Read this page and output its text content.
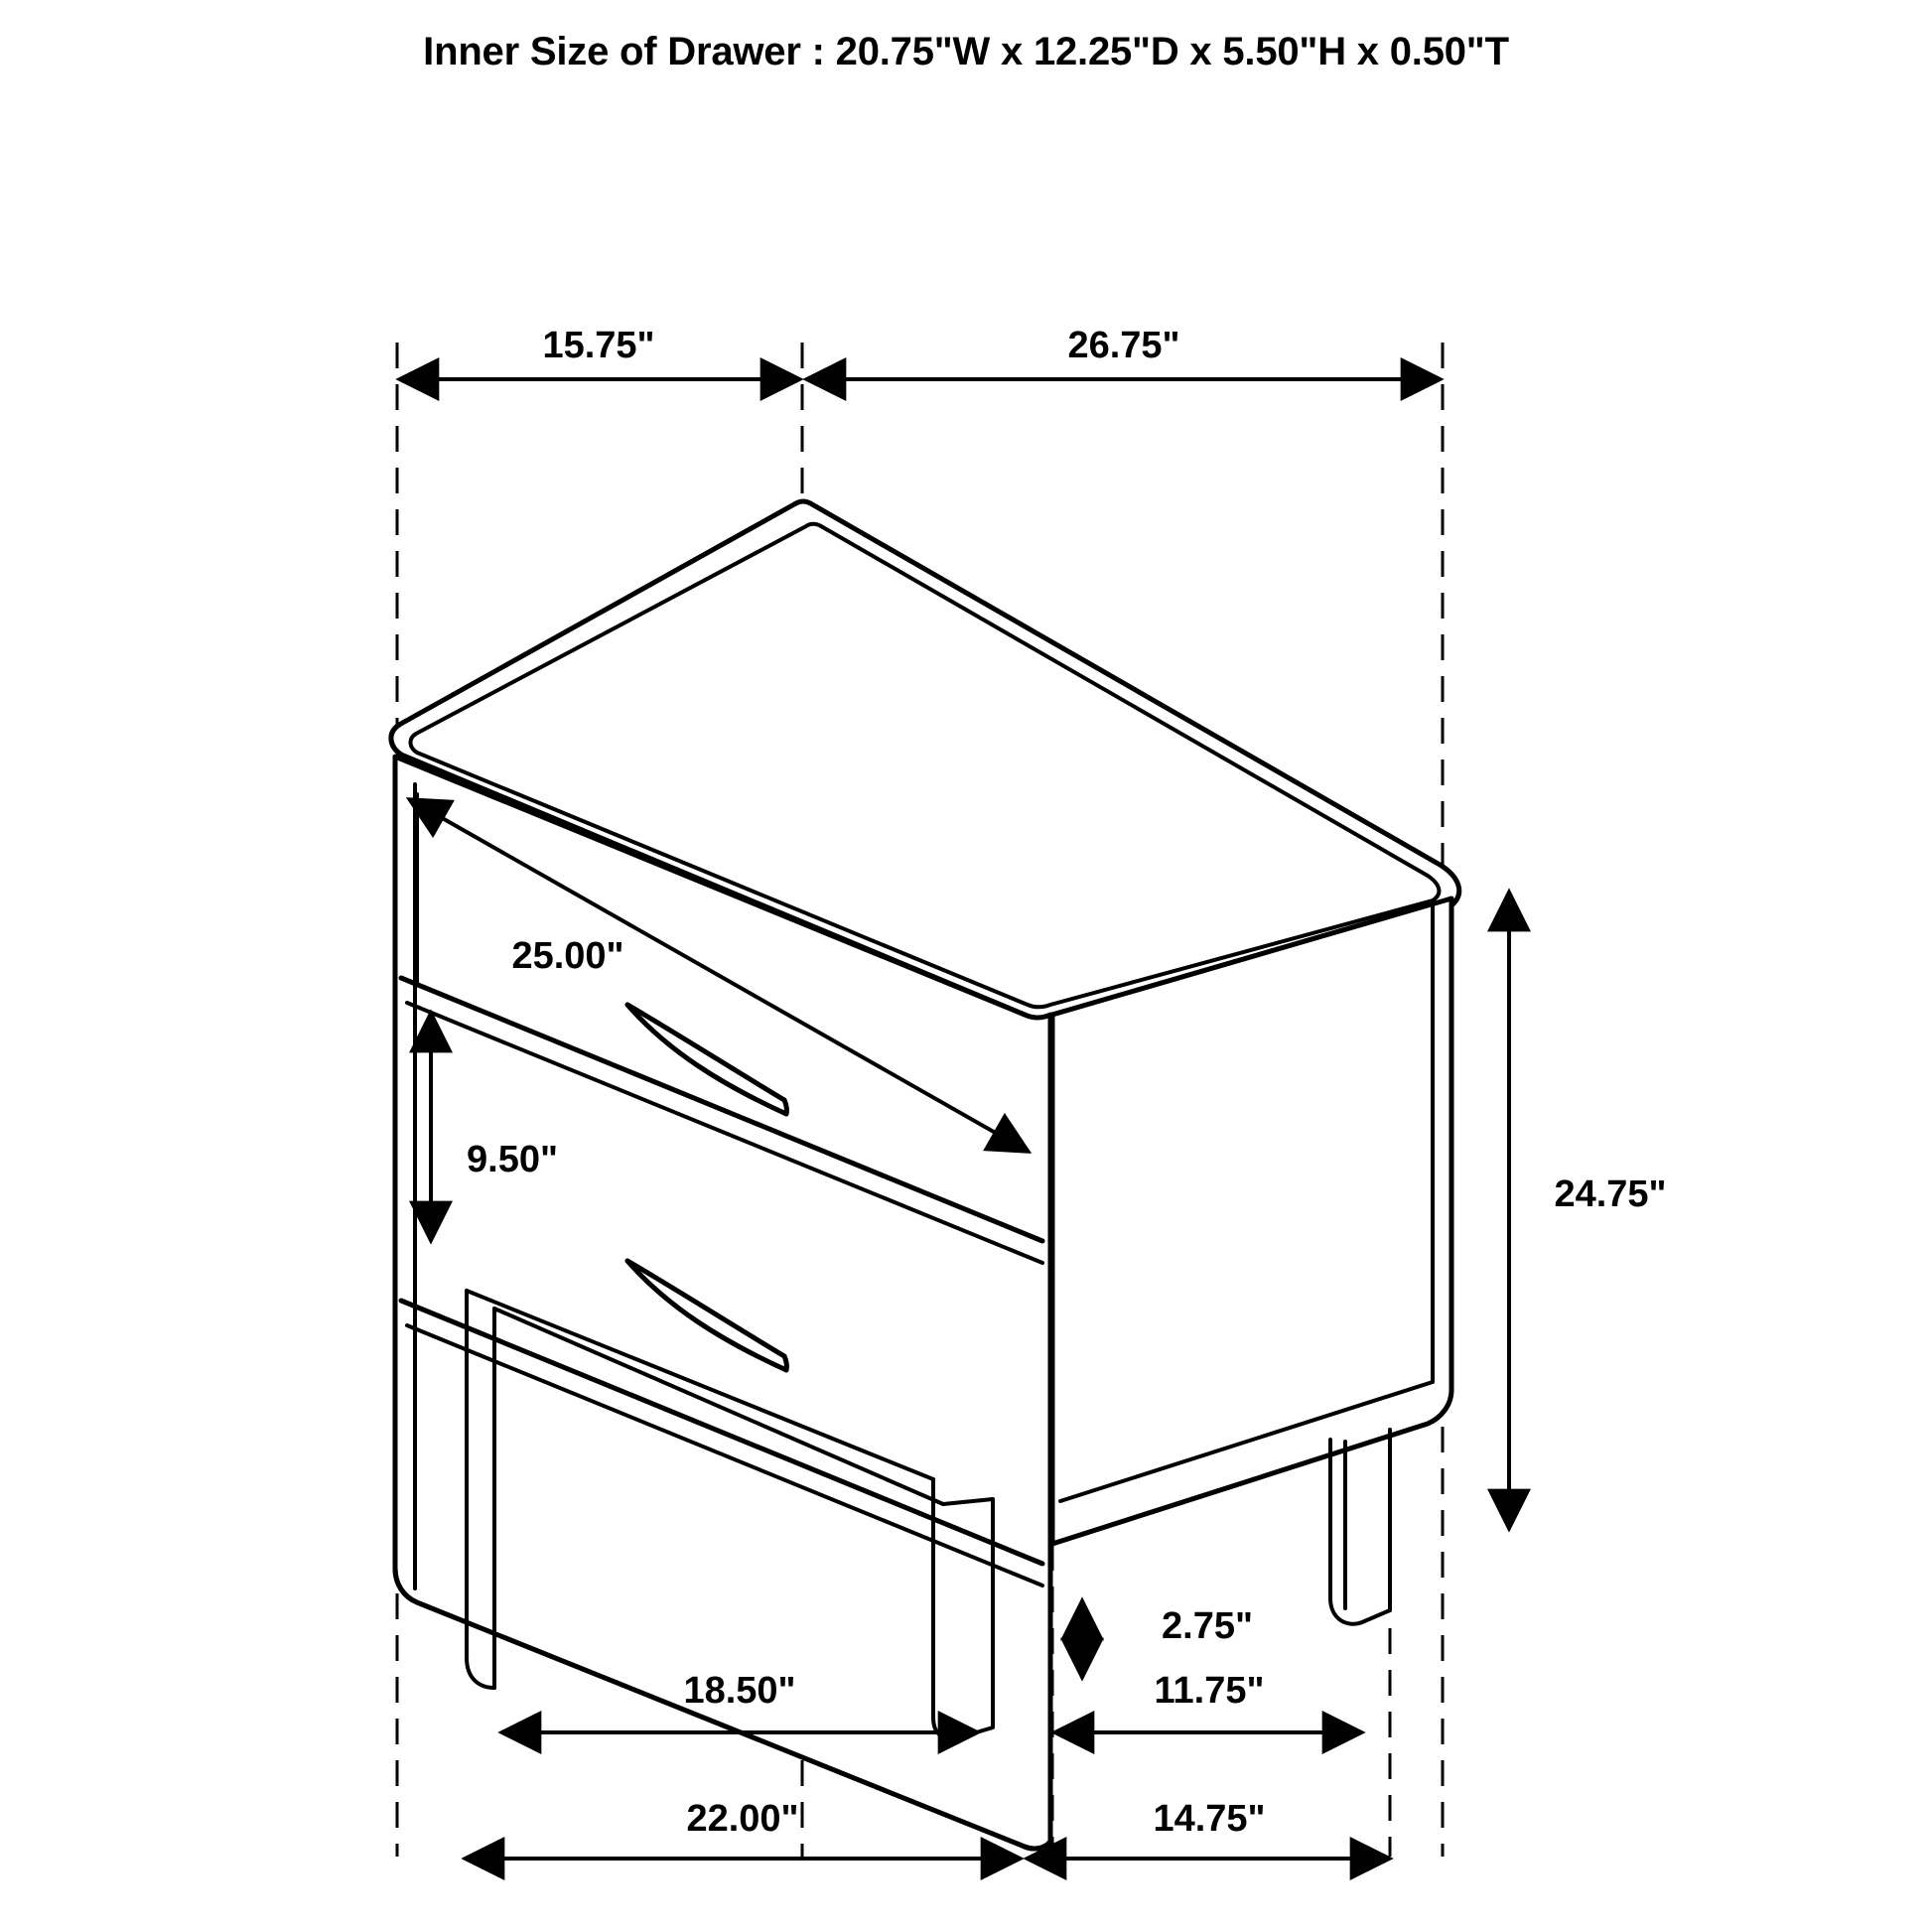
Inner Size of Drawer : 20.75"W x 12.25"D x 5.50"H x 0.50"T
15.75"	26.75"
25.00"
9.50"
24.75"
2.75"
18.50"	11.75"
22.00"	14.75"
